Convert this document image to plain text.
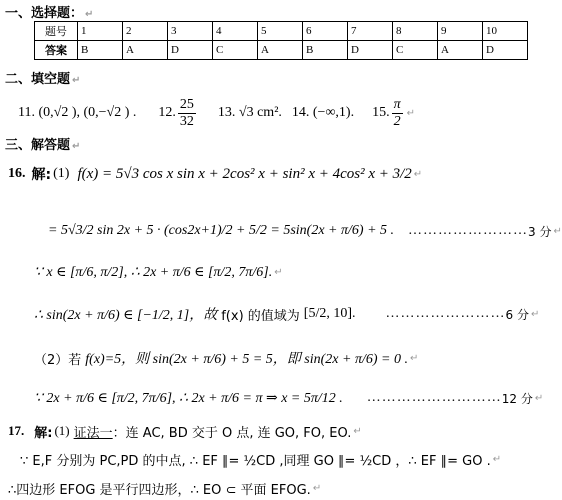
一、选择题： ↵
题号	1	2	3	4	5	6	7	8	9	10
答案	B	A	D	C	A	B	D	C	A	D
二、填空题 ↵
11. (0,√2 ), (0,−√2 ) . 12. $\frac{25}{32} 13$. √3 cm². 14. (−∞,1). 15. $\frac{\pi}{2}$ ↵
三、解答题 ↵
16. 解: (1) f(x) = 5√3 cos x sin x + 2cos² x + sin² x + 4cos² x + 3/2 ↵
= 5√3/2 sin 2x + 5 · (cos2x+1)/2 + 5/2 = 5sin(2x + π/6) + 5 . …………………… 3 分 ↵
∵ x ∈ [π/6, π/2], ∴ 2x + π/6 ∈ [π/2, 7π/6]. ↵
∴ sin(2x + π/6) ∈ [−1/2, 1]，故 f(x) 的值域为 [5/2, 10]. …………………… 6 分 ↵
（2）若 f(x)=5，则 sin(2x + π/6) + 5 = 5，即 sin(2x + π/6) = 0 . ↵
∵ 2x + π/6 ∈ [π/2, 7π/6], ∴ 2x + π/6 = π ⇒ x = 5π/12 . ……………………… 12 分 ↵
17. 解: (1) 证法一 ：连 AC, BD 交于 O 点, 连 GO, FO, EO. ↵
∵ E,F 分别为 PC,PD 的中点, ∴ EF ∥= ½CD ,同理 GO ∥= ½CD ，∴ EF ∥= GO . ↵
∴四边形 EFOG 是平行四边形，∴ EO ⊂ 平面 EFOG. ↵
